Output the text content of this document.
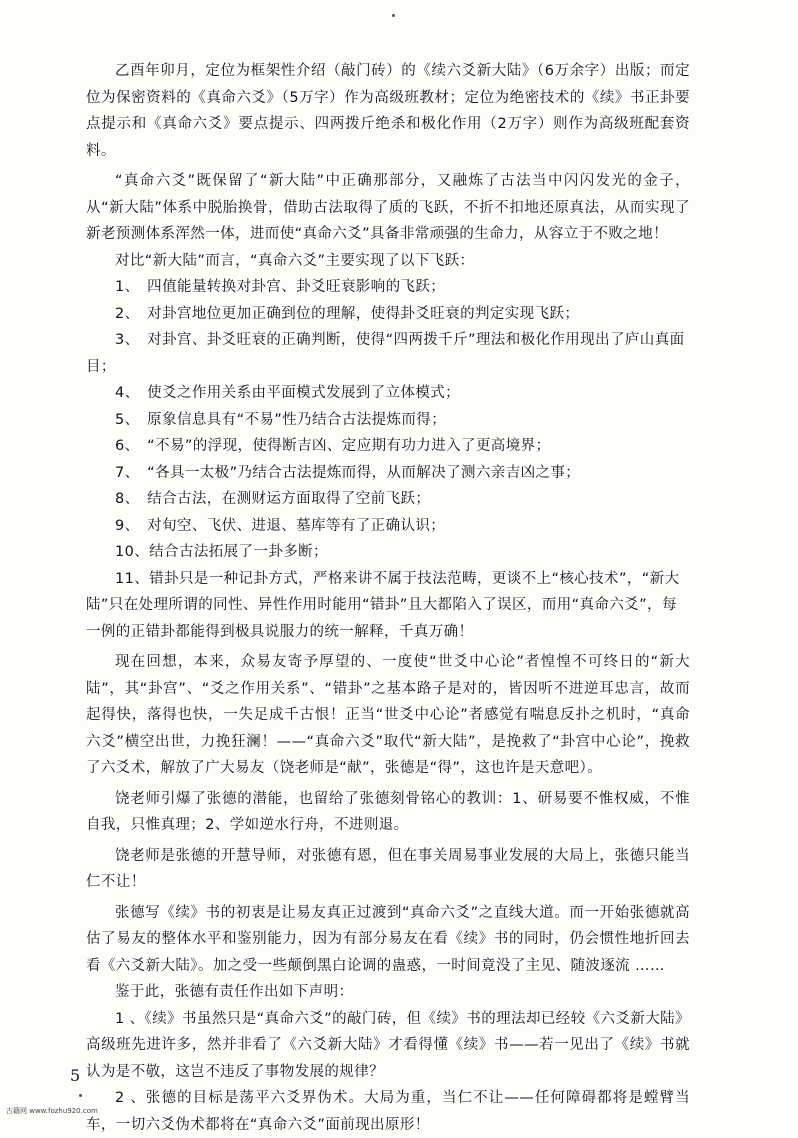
乙酉年卯月，定位为框架性介绍（敲门砖）的《续六爻新大陆》（6万余字）出版；而定位为保密资料的《真命六爻》（5万字）作为高级班教材；定位为绝密技术的《续》书正卦要点提示和《真命六爻》要点提示、四两拨斤绝杀和极化作用（2万字）则作为高级班配套资料。

“真命六爻”既保留了“新大陆”中正确那部分，又融炼了古法当中闪闪发光的金子，从“新大陆”体系中脱胎换骨，借助古法取得了质的飞跃，不折不扣地还原真法，从而实现了新老预测体系浑然一体，进而使“真命六爻”具备非常顽强的生命力，从容立于不败之地！

对比“新大陆”而言，“真命六爻”主要实现了以下飞跃：

1、　四值能量转换对卦宫、卦爻旺衰影响的飞跃；

2、　对卦宫地位更加正确到位的理解，使得卦爻旺衰的判定实现飞跃；

3、　对卦宫、卦爻旺衰的正确判断，使得“四两拨千斤”理法和极化作用现出了庐山真面目；

4、　使爻之作用关系由平面模式发展到了立体模式；

5、　原象信息具有“不易”性乃结合古法提炼而得；

6、　“不易”的浮现，使得断吉凶、定应期有功力进入了更高境界；

7、　“各具一太极”乃结合古法提炼而得，从而解决了测六亲吉凶之事；

8、　结合古法，在测财运方面取得了空前飞跃；

9、　对旬空、飞伏、进退、墓库等有了正确认识；

10、结合古法拓展了一卦多断；

11、错卦只是一种记卦方式，严格来讲不属于技法范畴，更谈不上“核心技术”，“新大陆”只在处理所谓的同性、异性作用时能用“错卦”且大都陷入了误区，而用“真命六爻”，每一例的正错卦都能得到极具说服力的统一解释，千真万确！

现在回想，本来，众易友寄予厚望的、一度使“世爻中心论”者惶惶不可终日的“新大陆”，其“卦宫”、“爻之作用关系”、“错卦”之基本路子是对的，皆因听不进逆耳忠言，故而起得快，落得也快，一失足成千古恨！正当“世爻中心论”者感觉有喘息反扑之机时，“真命六爻”横空出世，力挽狂澜！——“真命六爻”取代“新大陆”，是挽救了“卦宫中心论”，挽救了六爻术，解放了广大易友（饶老师是“献”，张德是“得”，这也许是天意吧）。

饶老师引爆了张德的潜能，也留给了张德刻骨铭心的教训：1、研易要不惟权威，不惟自我，只惟真理；2、学如逆水行舟，不进则退。

饶老师是张德的开慧导师，对张德有恩，但在事关周易事业发展的大局上，张德只能当仁不让！

张德写《续》书的初衷是让易友真正过渡到“真命六爻”之直线大道。而一开始张德就高估了易友的整体水平和鉴别能力，因为有部分易友在看《续》书的同时，仍会惯性地折回去看《六爻新大陆》。加之受一些颠倒黑白论调的蛊惑，一时间竟没了主见、随波逐流 ……

鉴于此，张德有责任作出如下声明：

1 、《续》书虽然只是“真命六爻”的敲门砖，但《续》书的理法却已经较《六爻新大陆》高级班先进许多，然并非看了《六爻新大陆》才看得懂《续》书——若一见出了《续》书就认为是不敬，这岂不违反了事物发展的规律？

2 、张德的目标是荡平六爻界伪术。大局为重，当仁不让——任何障碍都将是螳臂当车，一切六爻伪术都将在“真命六爻”面前现出原形！

5
古籍网 www.fozhu920.com
